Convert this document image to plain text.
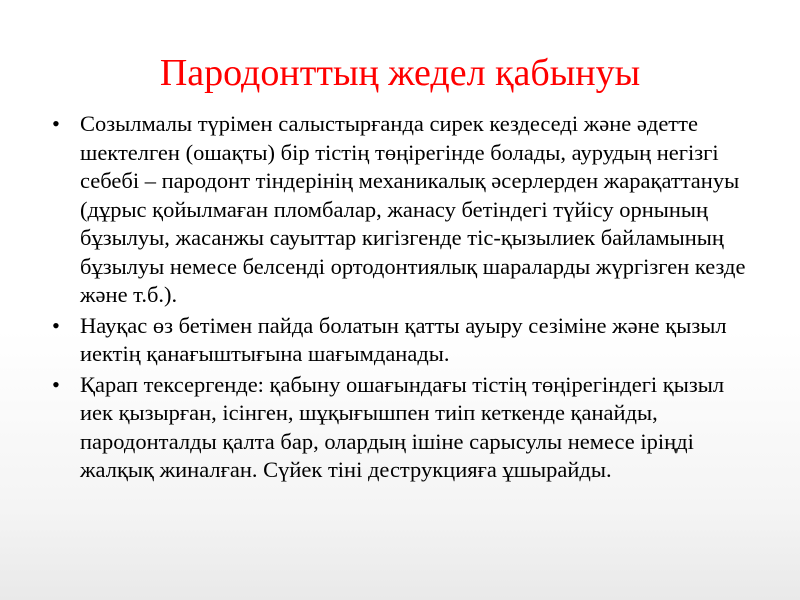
Пародонттың жедел қабынуы
• Созылмалы түрімен салыстырғанда сирек кездеседі және әдетте шектелген (ошақты) бір тістің төңірегінде болады, аурудың негізгі себебі – пародонт тіндерінің механикалық әсерлерден жарақаттануы (дұрыс қойылмаған пломбалар, жанасу бетіндегі түйісу орнының бұзылуы, жасанжы сауыттар кигізгенде тіс-қызылиек байламының бұзылуы немесе белсенді ортодонтиялық шараларды жүргізген кезде және т.б.).
• Науқас өз бетімен пайда болатын қатты ауыру сезіміне және қызыл иектің қанағыштығына шағымданады.
• Қарап тексергенде: қабыну ошағындағы тістің төңірегіндегі қызыл иек қызырған, ісінген, шұқығышпен тиіп кеткенде қанайды, пародонталды қалта бар, олардың ішіне сарысулы немесе іріңді жалқық жиналған. Сүйек тіні деструкцияға ұшырайды.
